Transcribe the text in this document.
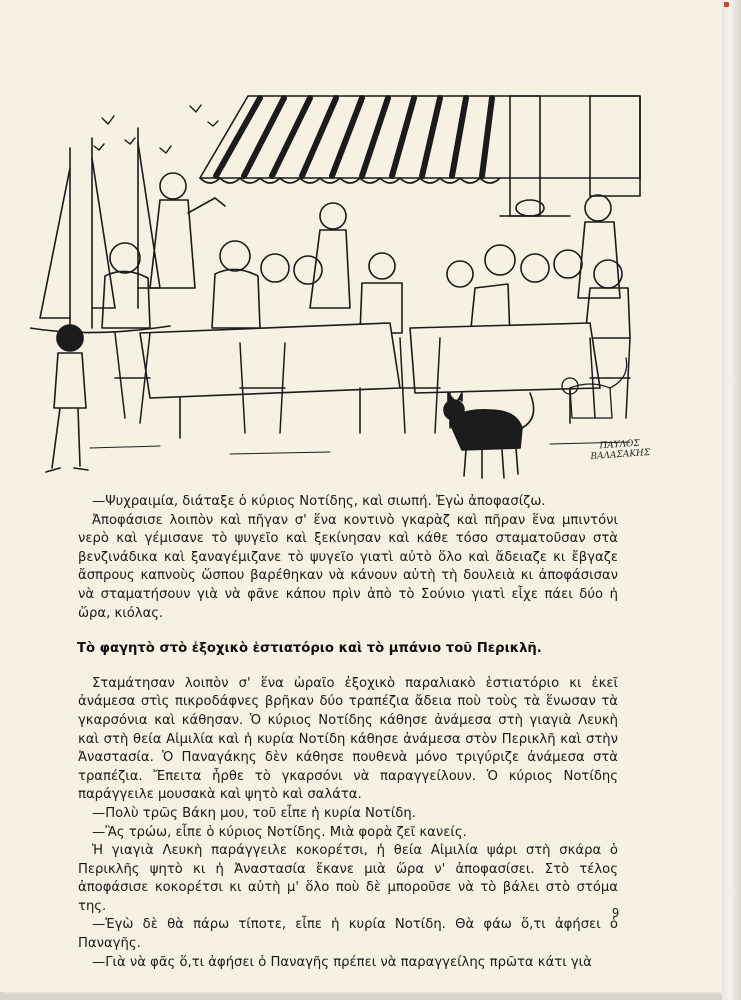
ΠΑΥΛΟΣ ΒΑΛΑΣΑΚΗΣ

—Ψυχραιμία, διάταξε ὁ κύριος Νοτίδης, καὶ σιωπή. Ἐγὼ ἀποφασίζω.

Ἀποφάσισε λοιπὸν καὶ πῆγαν σ' ἕνα κοντινὸ γκαρὰζ καὶ πῆραν ἕνα μπιντόνι νερὸ καὶ γέμισανε τὸ ψυγεῖο καὶ ξεκίνησαν καὶ κάθε τόσο σταματοῦσαν στὰ βενζινάδικα καὶ ξαναγέμιζανε τὸ ψυγεῖο γιατὶ αὐτὸ ὅλο καὶ ἄδειαζε κι ἔβγαζε ἄσπρους καπνοὺς ὥσπου βαρέθηκαν νὰ κάνουν αὐτὴ τὴ δουλειὰ κι ἀποφάσισαν νὰ σταματήσουν γιὰ νὰ φᾶνε κάπου πρὶν ἀπὸ τὸ Σούνιο γιατὶ εἶχε πάει δύο ἡ ὥρα, κιόλας.

Τὸ φαγητὸ στὸ ἐξοχικὸ ἑστιατόριο καὶ τὸ μπάνιο τοῦ Περικλῆ.

Σταμάτησαν λοιπὸν σ' ἕνα ὡραῖο ἐξοχικὸ παραλιακὸ ἑστιατόριο κι ἐκεῖ ἀνάμεσα στὶς πικροδάφνες βρῆκαν δύο τραπέζια ἄδεια ποὺ τοὺς τὰ ἕνωσαν τὰ γκαρσόνια καὶ κάθησαν. Ὁ κύριος Νοτίδης κάθησε ἀνάμεσα στὴ γιαγιὰ Λευκὴ καὶ στὴ θεία Αἰμιλία καὶ ἡ κυρία Νοτίδη κάθησε ἀνάμεσα στὸν Περικλῆ καὶ στὴν Ἀναστασία. Ὁ Παναγάκης δὲν κάθησε πουθενὰ μόνο τριγύριζε ἀνάμεσα στὰ τραπέζια. Ἔπειτα ἦρθε τὸ γκαρσόνι νὰ παραγγείλουν. Ὁ κύριος Νοτίδης παράγγειλε μουσακὰ καὶ ψητὸ καὶ σαλάτα.

—Πολὺ τρῶς Βάκη μου, τοῦ εἶπε ἡ κυρία Νοτίδη.

—Ἂς τρώω, εἶπε ὁ κύριος Νοτίδης. Μιὰ φορὰ ζεῖ κανείς.

Ἡ γιαγιὰ Λευκὴ παράγγειλε κοκορέτσι, ἡ θεία Αἰμιλία ψάρι στὴ σκάρα ὁ Περικλῆς ψητὸ κι ἡ Ἀναστασία ἔκανε μιὰ ὥρα ν' ἀποφασίσει. Στὸ τέλος ἀποφάσισε κοκορέτσι κι αὐτὴ μ' ὅλο ποὺ δὲ μποροῦσε νὰ τὸ βάλει στὸ στόμα της.

—Ἐγὼ δὲ θὰ πάρω τίποτε, εἶπε ἡ κυρία Νοτίδη. Θὰ φάω ὅ,τι ἀφήσει ὁ Παναγῆς.

—Γιὰ νὰ φᾶς ὅ,τι ἀφήσει ὁ Παναγῆς πρέπει νὰ παραγγείλης πρῶτα κάτι γιὰ

9
